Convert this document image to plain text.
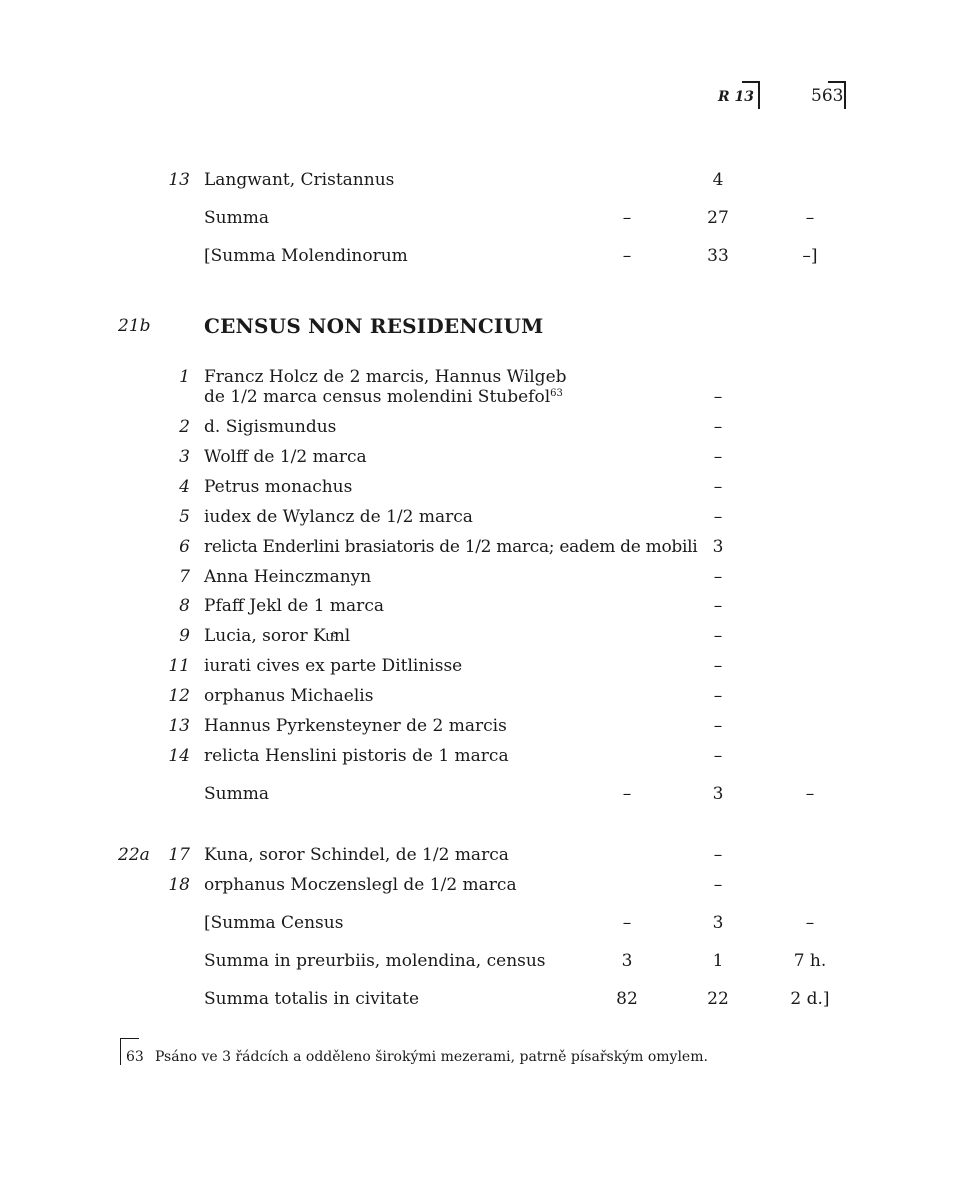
R 13	563
13 Langwant, Cristannus	4
Summa	–	27	–
[Summa Molendinorum	–	33	–]
21b	CENSUS NON RESIDENCIUM
1 Francz Holcz de 2 marcis, Hannus Wilgeb
de 1/2 marca census molendini Stubefol$^{63}$	–
2 d. Sigismundus	–
3 Wolff de 1/2 marca	–
4 Petrus monachus	–
5 iudex de Wylancz de 1/2 marca	–
6 relicta Enderlini brasiatoris de 1/2 marca; eadem de mobili 3
7 Anna Heinczmanyn	–
8 Pfaff Jekl de 1 marca	–
9 Lucia, soror Kuͤnl	–
11 iurati cives ex parte Ditlinisse	–
12 orphanus Michaelis	–
13 Hannus Pyrkensteyner de 2 marcis	–
14 relicta Henslini pistoris de 1 marca	–
Summa	–	3	–
22a	17 Kuna, soror Schindel, de 1/2 marca	–
18 orphanus Moczenslegl de 1/2 marca	–
[Summa Census	–	3	–
Summa in preurbiis, molendina, census	3	1	7 h.
Summa totalis in civitate	82	22	2 d.]
63 Psáno ve 3 řádcích a odděleno širokými mezerami, patrně písařským omylem.
